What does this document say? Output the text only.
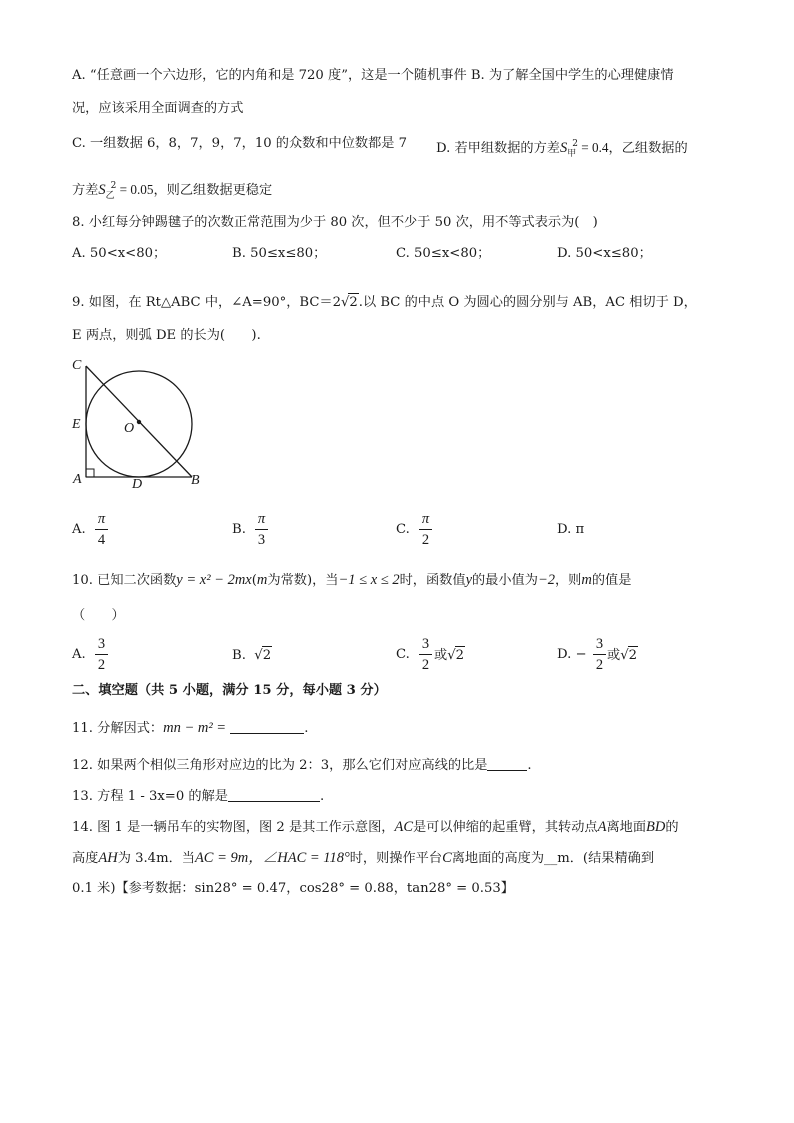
A. “任意画一个六边形，它的内角和是 720 度”，这是一个随机事件 B. 为了解全国中学生的心理健康情
况，应该采用全面调查的方式
C. 一组数据 6，8，7，9，7，10 的众数和中位数都是 7 D. 若甲组数据的方差$S_甲^2 = 0.4$，乙组数据的
方差$S_乙^2 = 0.05$，则乙组数据更稳定
8. 小红每分钟踢毽子的次数正常范围为少于 80 次，但不少于 50 次，用不等式表示为(　)
A. 50<x<80；	B. 50≤x≤80；	C. 50≤x<80；	D. 50<x≤80；
9. 如图，在 Rt△ABC 中，∠A=90°，BC＝2√2.以 BC 的中点 O 为圆心的圆分别与 AB，AC 相切于 D，
E 两点，则弧 DE 的长为(　　).
C
E	O
A	D	B
A.
π
4
B.
π
3
C.
π
2
D. π
10. 已知二次函数y = x² − 2mx(m为常数)，当−1 ≤ x ≤ 2时，函数值y的最小值为−2，则m的值是
（　　）
A.
3
2
B. √2	C.
3
2
或√2	D. −
3
2
或√2
二、填空题（共 5 小题，满分 15 分，每小题 3 分）
11. 分解因式：mn − m² =	.
12. 如果两个相似三角形对应边的比为 2：3，那么它们对应高线的比是	.
13. 方程 1 - 3x=0 的解是	.
14. 图 1 是一辆吊车的实物图，图 2 是其工作示意图，AC是可以伸缩的起重臂，其转动点A离地面BD的
高度AH为 3.4m．当AC = 9m，∠HAC = 118°时，则操作平台C离地面的高度为__m．(结果精确到
0.1 米)【参考数据：sin28° = 0.47，cos28° = 0.88，tan28° = 0.53】
